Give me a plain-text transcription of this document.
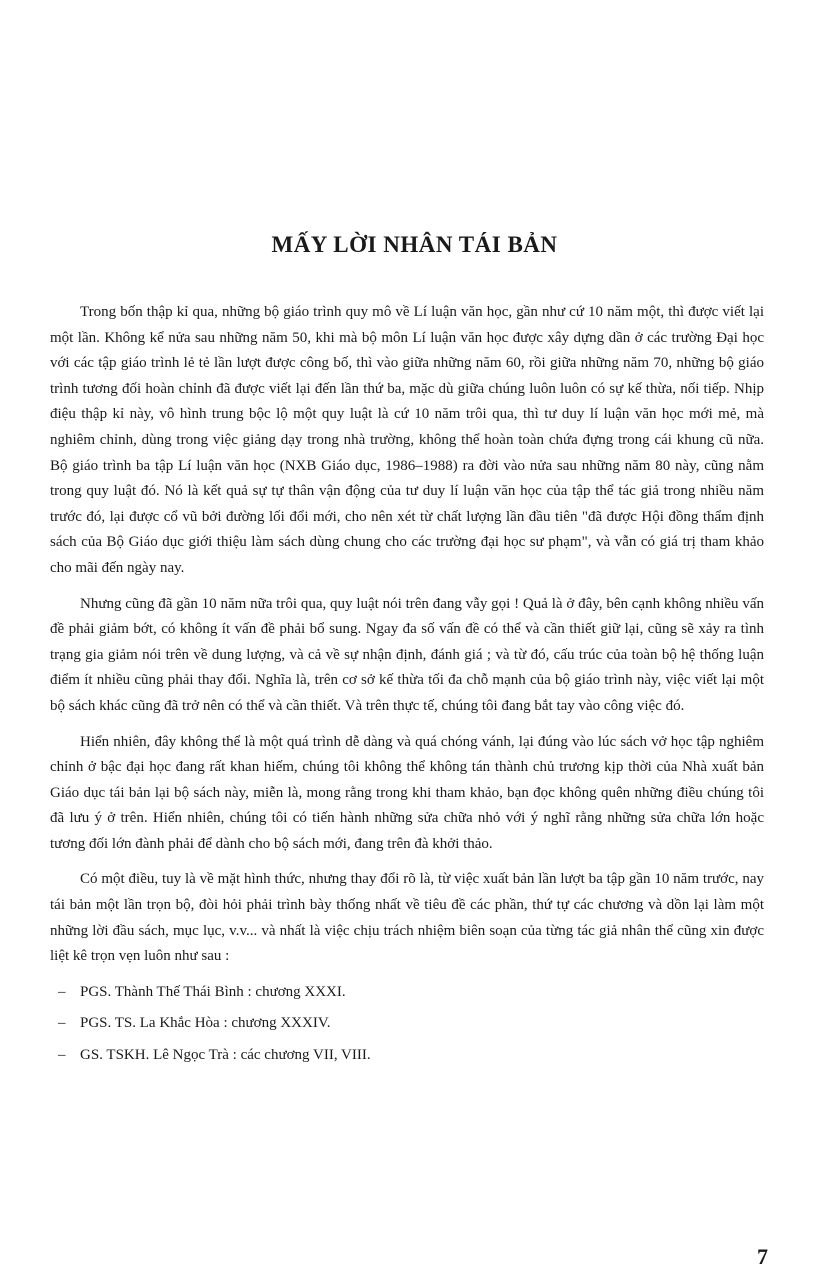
MẤY LỜI NHÂN TÁI BẢN

Trong bốn thập kỉ qua, những bộ giáo trình quy mô về Lí luận văn học, gần như cứ 10 năm một, thì được viết lại một lần. Không kể nửa sau những năm 50, khi mà bộ môn Lí luận văn học được xây dựng dần ở các trường Đại học với các tập giáo trình lẻ tẻ lần lượt được công bố, thì vào giữa những năm 60, rồi giữa những năm 70, những bộ giáo trình tương đối hoàn chỉnh đã được viết lại đến lần thứ ba, mặc dù giữa chúng luôn luôn có sự kế thừa, nối tiếp. Nhịp điệu thập kỉ này, vô hình trung bộc lộ một quy luật là cứ 10 năm trôi qua, thì tư duy lí luận văn học mới mẻ, mà nghiêm chỉnh, dùng trong việc giảng dạy trong nhà trường, không thể hoàn toàn chứa đựng trong cái khung cũ nữa. Bộ giáo trình ba tập Lí luận văn học (NXB Giáo dục, 1986–1988) ra đời vào nửa sau những năm 80 này, cũng nằm trong quy luật đó. Nó là kết quả sự tự thân vận động của tư duy lí luận văn học của tập thể tác giả trong nhiều năm trước đó, lại được cổ vũ bởi đường lối đổi mới, cho nên xét từ chất lượng lần đầu tiên "đã được Hội đồng thẩm định sách của Bộ Giáo dục giới thiệu làm sách dùng chung cho các trường đại học sư phạm", và vẫn có giá trị tham khảo cho mãi đến ngày nay.

Nhưng cũng đã gần 10 năm nữa trôi qua, quy luật nói trên đang vẫy gọi ! Quả là ở đây, bên cạnh không nhiều vấn đề phải giảm bớt, có không ít vấn đề phải bổ sung. Ngay đa số vấn đề có thể và cần thiết giữ lại, cũng sẽ xảy ra tình trạng gia giảm nói trên về dung lượng, và cả về sự nhận định, đánh giá ; và từ đó, cấu trúc của toàn bộ hệ thống luận điểm ít nhiều cũng phải thay đổi. Nghĩa là, trên cơ sở kế thừa tối đa chỗ mạnh của bộ giáo trình này, việc viết lại một bộ sách khác cũng đã trở nên có thể và cần thiết. Và trên thực tế, chúng tôi đang bắt tay vào công việc đó.

Hiển nhiên, đây không thể là một quá trình dễ dàng và quá chóng vánh, lại đúng vào lúc sách vở học tập nghiêm chỉnh ở bậc đại học đang rất khan hiếm, chúng tôi không thể không tán thành chủ trương kịp thời của Nhà xuất bản Giáo dục tái bản lại bộ sách này, miễn là, mong rằng trong khi tham khảo, bạn đọc không quên những điều chúng tôi đã lưu ý ở trên. Hiển nhiên, chúng tôi có tiến hành những sửa chữa nhỏ với ý nghĩ rằng những sửa chữa lớn hoặc tương đối lớn đành phải để dành cho bộ sách mới, đang trên đà khởi thảo.

Có một điều, tuy là về mặt hình thức, nhưng thay đổi rõ là, từ việc xuất bản lần lượt ba tập gần 10 năm trước, nay tái bản một lần trọn bộ, đòi hỏi phải trình bày thống nhất về tiêu đề các phần, thứ tự các chương và dồn lại làm một những lời đầu sách, mục lục, v.v... và nhất là việc chịu trách nhiệm biên soạn của từng tác giả nhân thể cũng xin được liệt kê trọn vẹn luôn như sau :

– PGS. Thành Thế Thái Bình : chương XXXI.
– PGS. TS. La Khắc Hòa : chương XXXIV.
– GS. TSKH. Lê Ngọc Trà : các chương VII, VIII.
7
